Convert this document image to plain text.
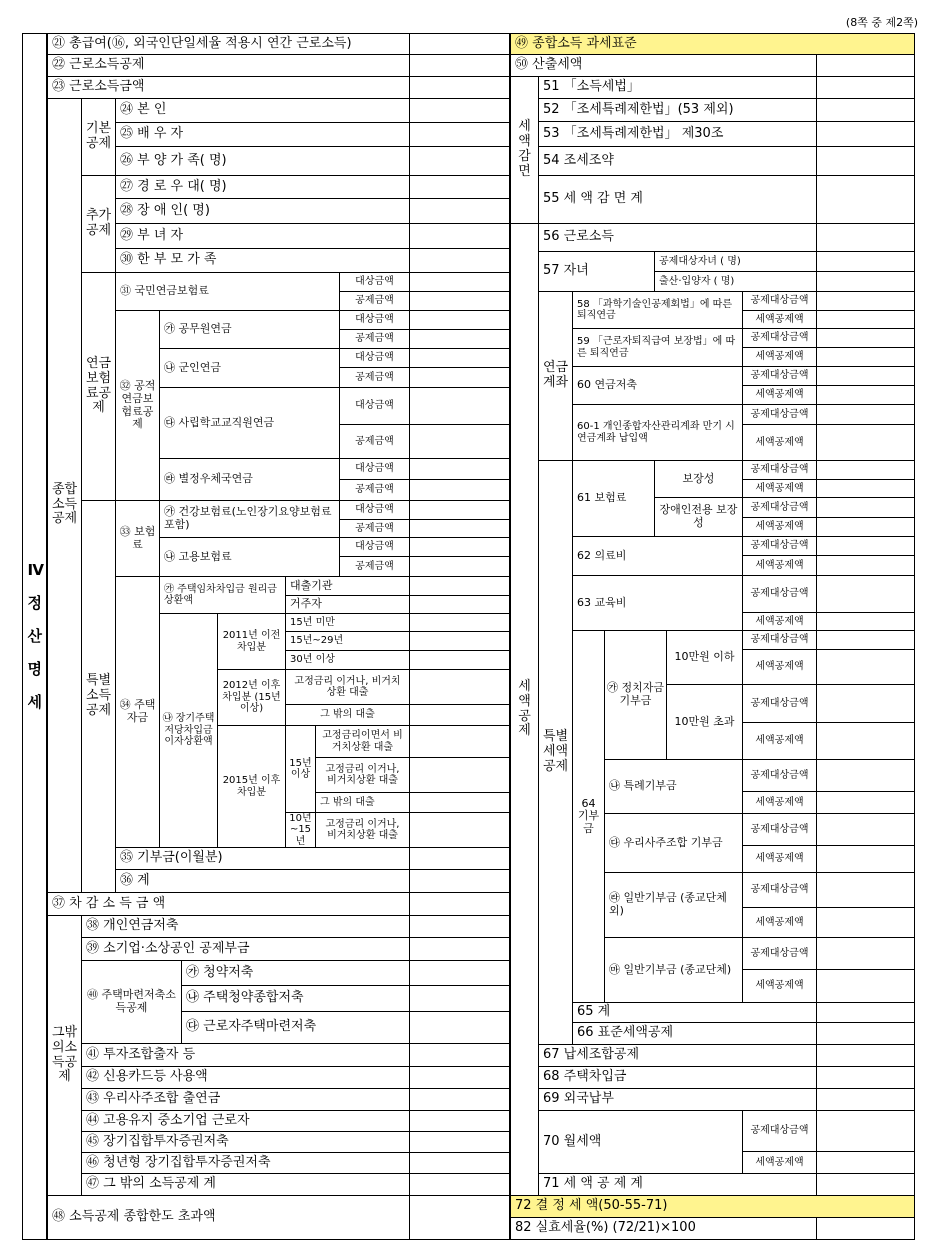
(8쪽 중 제2쪽)
Ⅳ 정산명세
㉑ 총급여(⑯, 외국인단일세율 적용시 연간 근로소득)
㉒ 근로소득공제
㉓ 근로소득금액
종합소득공제
기본공제
㉔ 본 인
㉕ 배 우 자
㉖ 부 양 가 족( 명)
추가공제
㉗ 경 로 우 대( 명)
㉘ 장 애 인( 명)
㉙ 부 녀 자
㉚ 한 부 모 가 족
연금보험료공제
㉛ 국민연금보험료
대상금액
공제금액
㉜ 공적연금보험료공제
㉮ 공무원연금
대상금액
공제금액
㉯ 군인연금
대상금액
공제금액
㉰ 사립학교교직원연금
대상금액
공제금액
㉱ 별정우체국연금
대상금액
공제금액
특별소득공제
㉝ 보험료
㉮ 건강보험료(노인장기요양보험료포함)
대상금액
공제금액
㉯ 고용보험료
대상금액
공제금액
㉞ 주택자금
㉮ 주택임차차입금 원리금상환액
대출기관
거주자
㉯ 장기주택저당차입금이자상환액
2011년 이전 차입분
15년 미만
15년~29년
30년 이상
2012년 이후 차입분 (15년 이상)
고정금리 이거나, 비거치상환 대출
그 밖의 대출
2015년 이후 차입분
15년 이상
고정금리이면서 비거치상환 대출
고정금리 이거나, 비거치상환 대출
그 밖의 대출
10년 ~15년
고정금리 이거나, 비거치상환 대출
㉟ 기부금(이월분)
㊱ 계
㊲ 차 감 소 득 금 액
그밖의소득공제
㊳ 개인연금저축
㊴ 소기업·소상공인 공제부금
㊵ 주택마련저축소득공제
㉮ 청약저축
㉯ 주택청약종합저축
㉰ 근로자주택마련저축
㊶ 투자조합출자 등
㊷ 신용카드등 사용액
㊸ 우리사주조합 출연금
㊹ 고용유지 중소기업 근로자
㊺ 장기집합투자증권저축
㊻ 청년형 장기집합투자증권저축
㊼ 그 밖의 소득공제 계
㊽ 소득공제 종합한도 초과액
㊾ 종합소득 과세표준
㊿ 산출세액
세액감면
51 「소득세법」
52 「조세특례제한법」(53 제외)
53 「조세특례제한법」 제30조
54 조세조약
55 세 액 감 면 계
세액공제
56 근로소득
57 자녀
공제대상자녀 ( 명)
출산·입양자 ( 명)
연금계좌
58 「과학기술인공제회법」에 따른 퇴직연금
공제대상금액
세액공제액
59 「근로자퇴직급여 보장법」에 따른 퇴직연금
공제대상금액
세액공제액
60 연금저축
공제대상금액
세액공제액
60-1 개인종합자산관리계좌 만기 시 연금계좌 납입액
공제대상금액
세액공제액
특별세액공제
61 보험료
보장성
공제대상금액
세액공제액
장애인전용 보장성
공제대상금액
세액공제액
62 의료비
공제대상금액
세액공제액
63 교육비
공제대상금액
세액공제액
64 기부금
㉮ 정치자금기부금
10만원 이하
공제대상금액
세액공제액
10만원 초과
공제대상금액
세액공제액
㉯ 특례기부금
공제대상금액
세액공제액
㉰ 우리사주조합 기부금
공제대상금액
세액공제액
㉱ 일반기부금 (종교단체 외)
공제대상금액
세액공제액
㉲ 일반기부금 (종교단체)
공제대상금액
세액공제액
65 계
66 표준세액공제
67 납세조합공제
68 주택차입금
69 외국납부
70 월세액
공제대상금액
세액공제액
71 세 액 공 제 계
72 결 정 세 액(50-55-71)
82 실효세율(%) (72/21)×100
